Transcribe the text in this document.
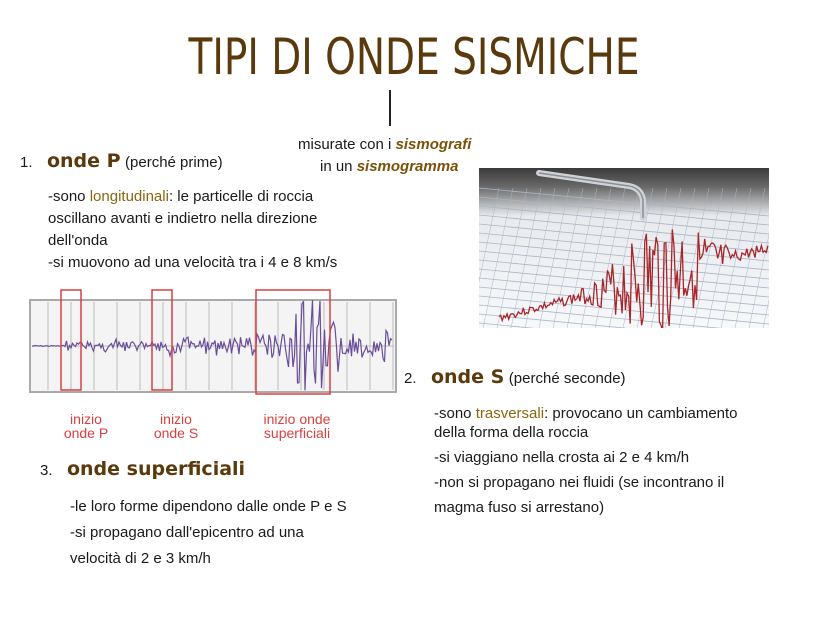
TIPI DI ONDE SISMICHE
misurate con i sismografi
in un sismogramma
1. onde P (perché prime)
-sono longitudinali: le particelle di roccia
oscillano avanti e indietro nella direzione
dell'onda
-si muovono ad una velocità tra i 4 e 8 km/s
inizio
onde P
inizio
onde S
inizio onde
superficiali
3. onde superficiali
-le loro forme dipendono dalle onde P e S
-si propagano dall'epicentro ad una
velocità di 2 e 3 km/h
2. onde S (perché seconde)
-sono trasversali: provocano un cambiamento
della forma della roccia
-si viaggiano nella crosta ai 2 e 4 km/h
-non si propagano nei fluidi (se incontrano il
magma fuso si arrestano)
